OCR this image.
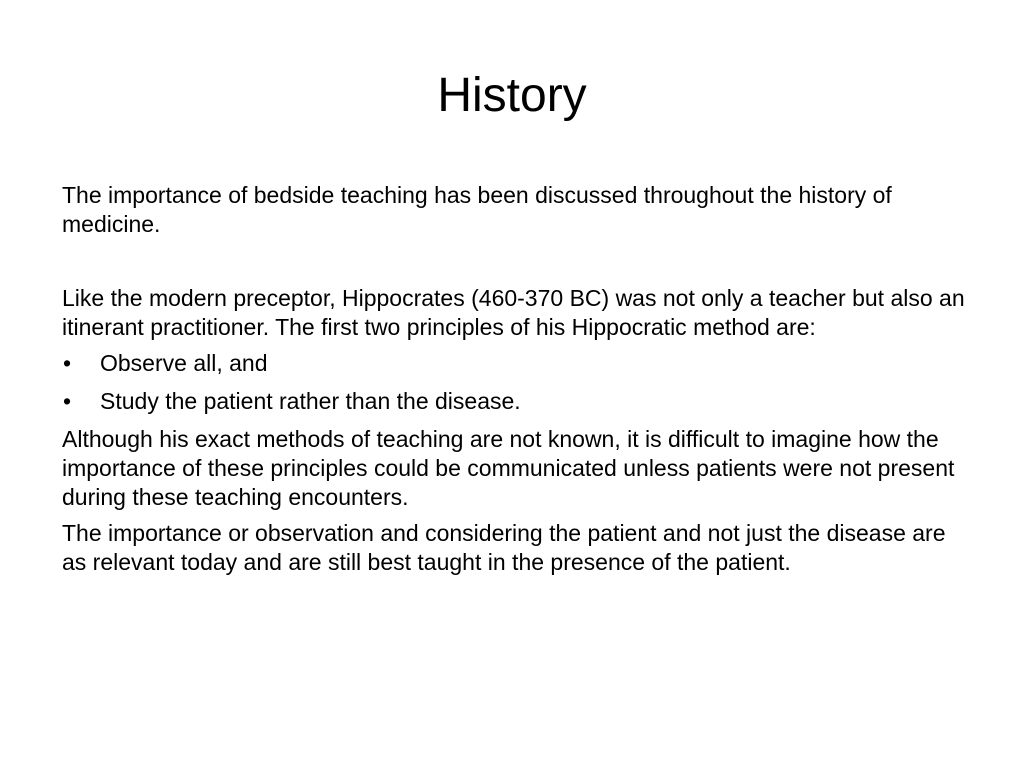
History

The importance of bedside teaching has been discussed throughout the history of medicine.

Like the modern preceptor, Hippocrates (460-370 BC) was not only a teacher but also an itinerant practitioner. The first two principles of his Hippocratic method are:

• Observe all, and
• Study the patient rather than the disease.

Although his exact methods of teaching are not known, it is difficult to imagine how the importance of these principles could be communicated unless patients were not present during these teaching encounters.

The importance or observation and considering the patient and not just the disease are as relevant today and are still best taught in the presence of the patient.
